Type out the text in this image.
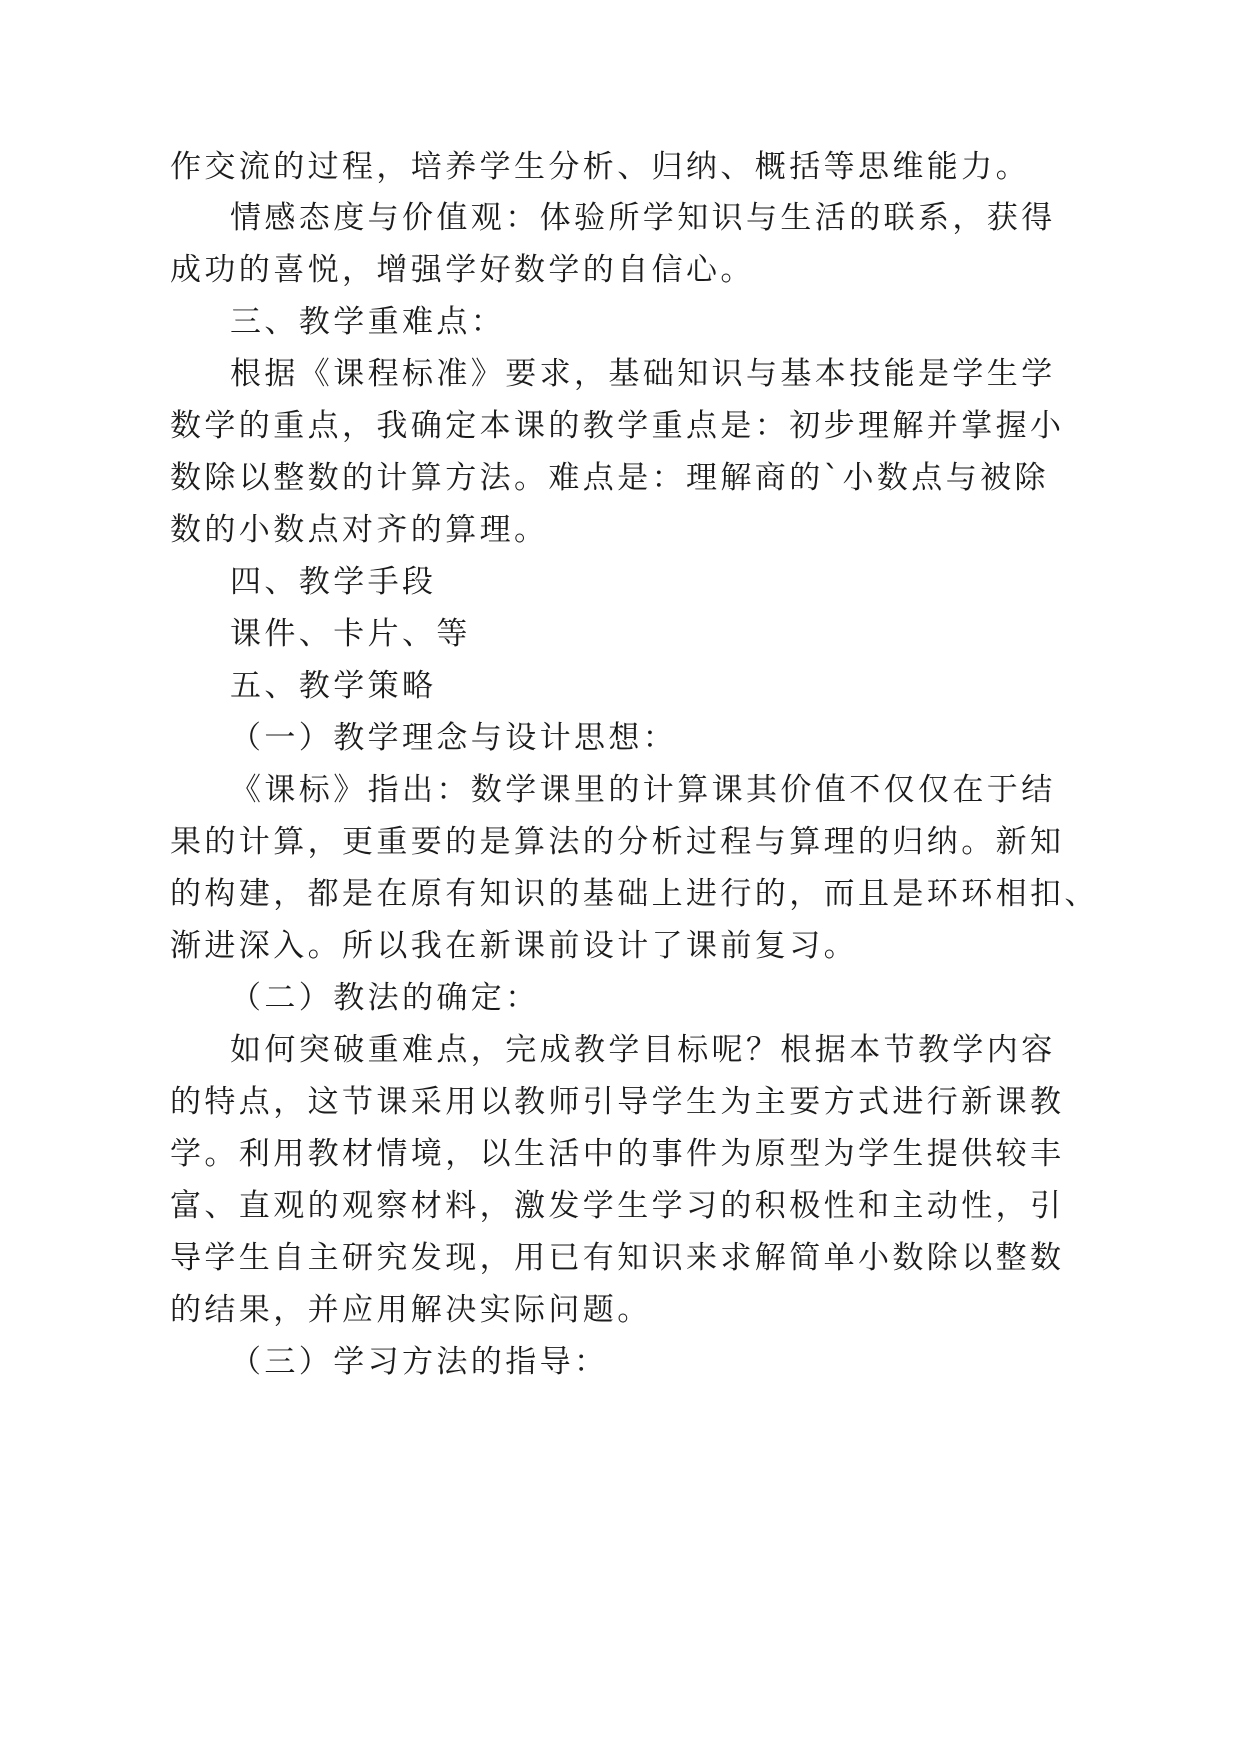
作交流的过程，培养学生分析、归纳、概括等思维能力。
情感态度与价值观：体验所学知识与生活的联系，获得
成功的喜悦，增强学好数学的自信心。
三、教学重难点：
根据《课程标准》要求，基础知识与基本技能是学生学
数学的重点，我确定本课的教学重点是：初步理解并掌握小
数除以整数的计算方法。难点是：理解商的`小数点与被除
数的小数点对齐的算理。
四、教学手段
课件、卡片、等
五、教学策略
（一）教学理念与设计思想：
《课标》指出：数学课里的计算课其价值不仅仅在于结
果的计算，更重要的是算法的分析过程与算理的归纳。新知
的构建，都是在原有知识的基础上进行的，而且是环环相扣、
渐进深入。所以我在新课前设计了课前复习。
（二）教法的确定：
如何突破重难点，完成教学目标呢？根据本节教学内容
的特点，这节课采用以教师引导学生为主要方式进行新课教
学。利用教材情境，以生活中的事件为原型为学生提供较丰
富、直观的观察材料，激发学生学习的积极性和主动性，引
导学生自主研究发现，用已有知识来求解简单小数除以整数
的结果，并应用解决实际问题。
（三）学习方法的指导：
